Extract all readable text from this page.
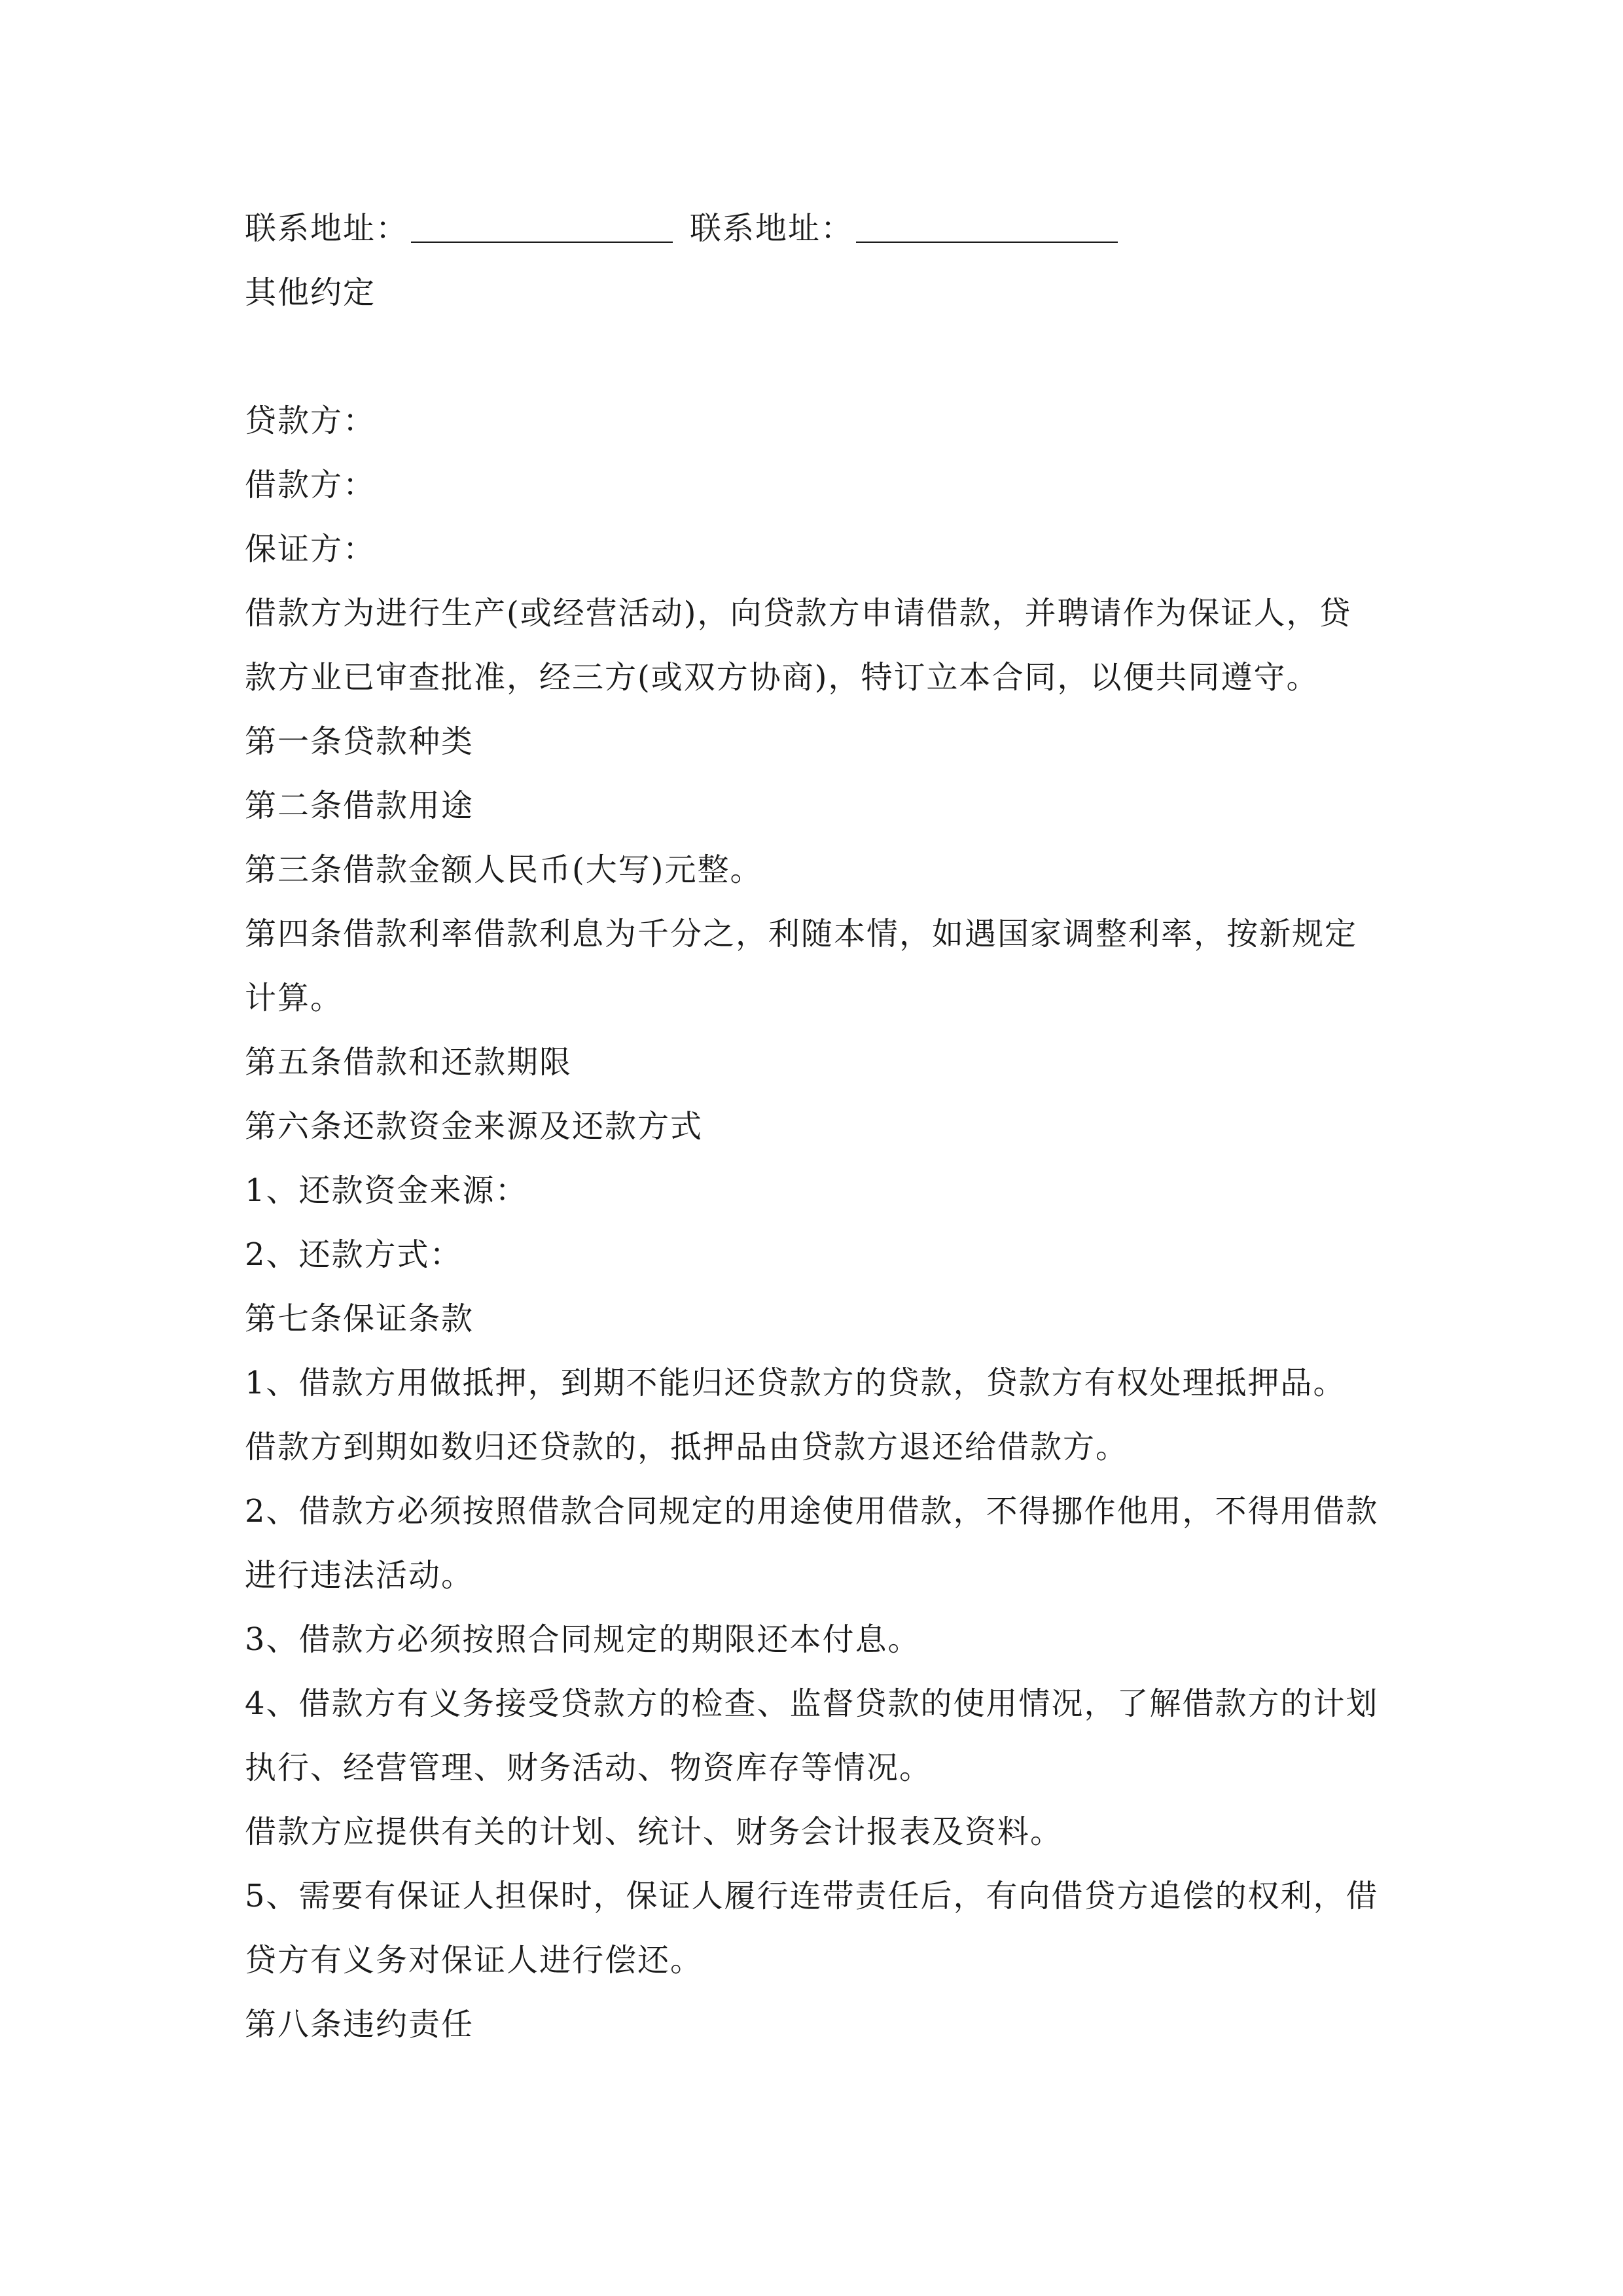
联系地址：	联系地址：

其他约定

贷款方：

借款方：

保证方：

借款方为进行生产(或经营活动)，向贷款方申请借款，并聘请作为保证人，贷款方业已审查批准，经三方(或双方协商)，特订立本合同，以便共同遵守。

第一条贷款种类

第二条借款用途

第三条借款金额人民币(大写)元整。

第四条借款利率借款利息为千分之，利随本情，如遇国家调整利率，按新规定计算。

第五条借款和还款期限

第六条还款资金来源及还款方式

1、还款资金来源：

2、还款方式：

第七条保证条款

1、借款方用做抵押，到期不能归还贷款方的贷款，贷款方有权处理抵押品。

借款方到期如数归还贷款的，抵押品由贷款方退还给借款方。

2、借款方必须按照借款合同规定的用途使用借款，不得挪作他用，不得用借款进行违法活动。

3、借款方必须按照合同规定的期限还本付息。

4、借款方有义务接受贷款方的检查、监督贷款的使用情况，了解借款方的计划执行、经营管理、财务活动、物资库存等情况。

借款方应提供有关的计划、统计、财务会计报表及资料。

5、需要有保证人担保时，保证人履行连带责任后，有向借贷方追偿的权利，借贷方有义务对保证人进行偿还。

第八条违约责任
